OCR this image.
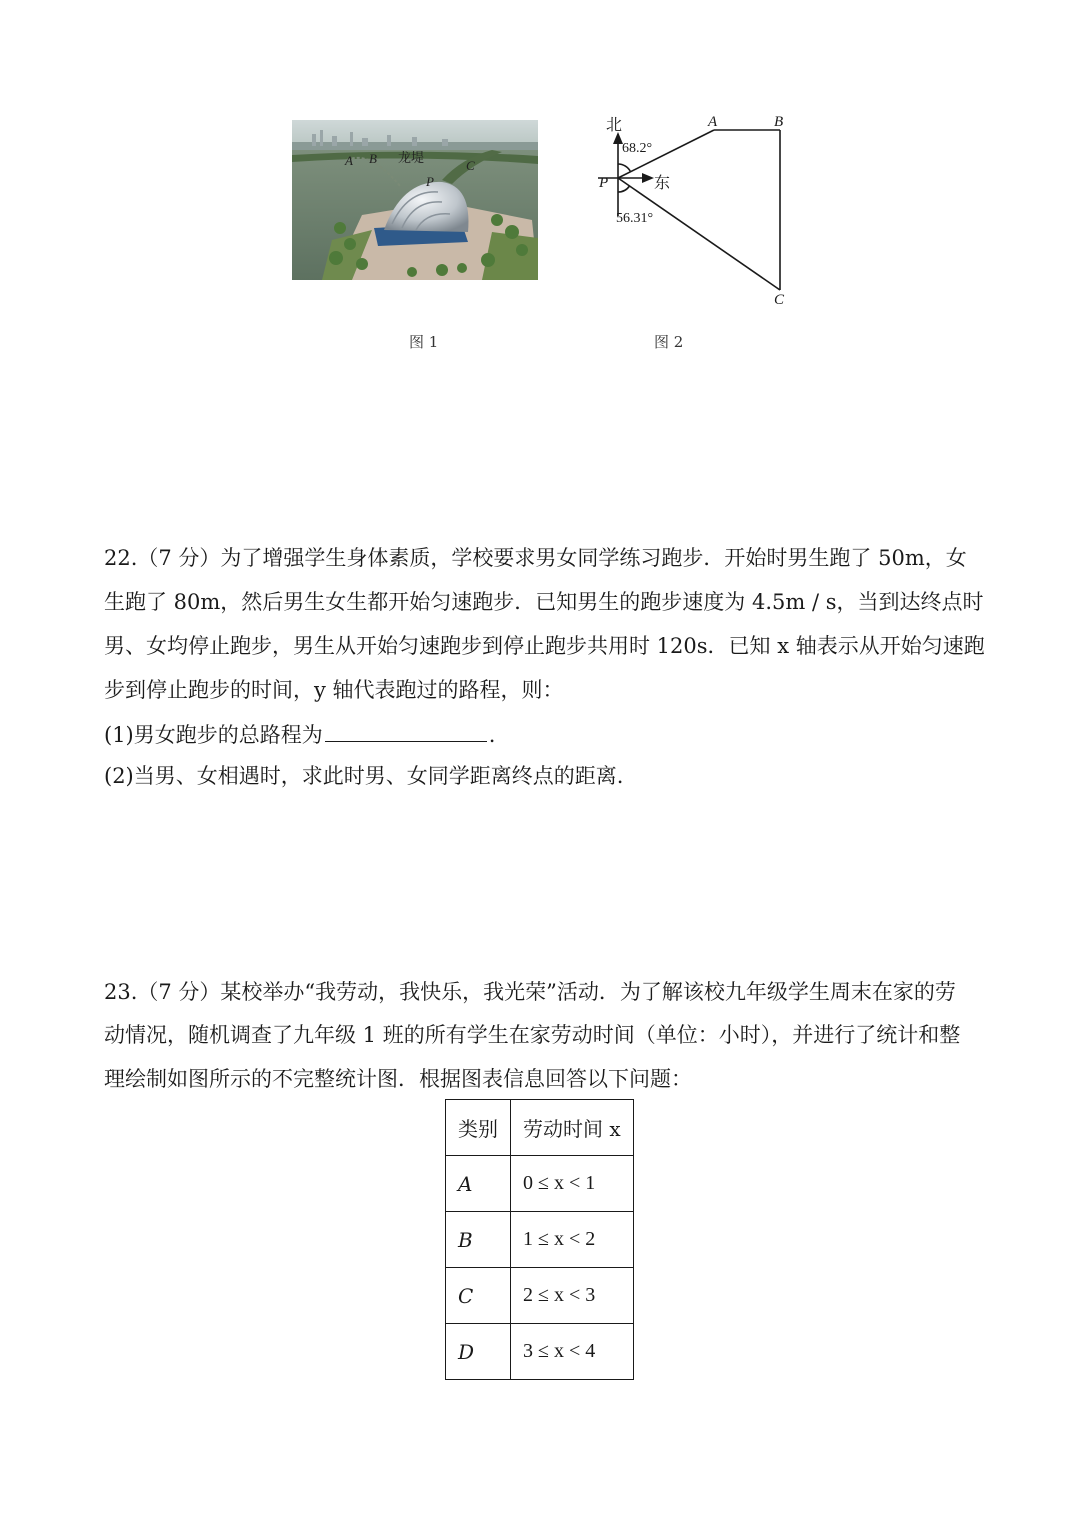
A B 龙堤	C
P
北
68.2°
P	东
56.31°
A	B
C
图 1	图 2
22.（7 分）为了增强学生身体素质，学校要求男女同学练习跑步．开始时男生跑了 50m，女
生跑了 80m，然后男生女生都开始匀速跑步．已知男生的跑步速度为 4.5m / s，当到达终点时
男、女均停止跑步，男生从开始匀速跑步到停止跑步共用时 120s．已知 x 轴表示从开始匀速跑
步到停止跑步的时间，y 轴代表跑过的路程，则：
(1)男女跑步的总路程为	.
(2)当男、女相遇时，求此时男、女同学距离终点的距离.
23.（7 分）某校举办“我劳动，我快乐，我光荣”活动．为了解该校九年级学生周末在家的劳
动情况，随机调查了九年级 1 班的所有学生在家劳动时间（单位：小时），并进行了统计和整
理绘制如图所示的不完整统计图．根据图表信息回答以下问题：
类别	劳动时间 x
A	0 ≤ x < 1
B	1 ≤ x < 2
C	2 ≤ x < 3
D	3 ≤ x < 4
